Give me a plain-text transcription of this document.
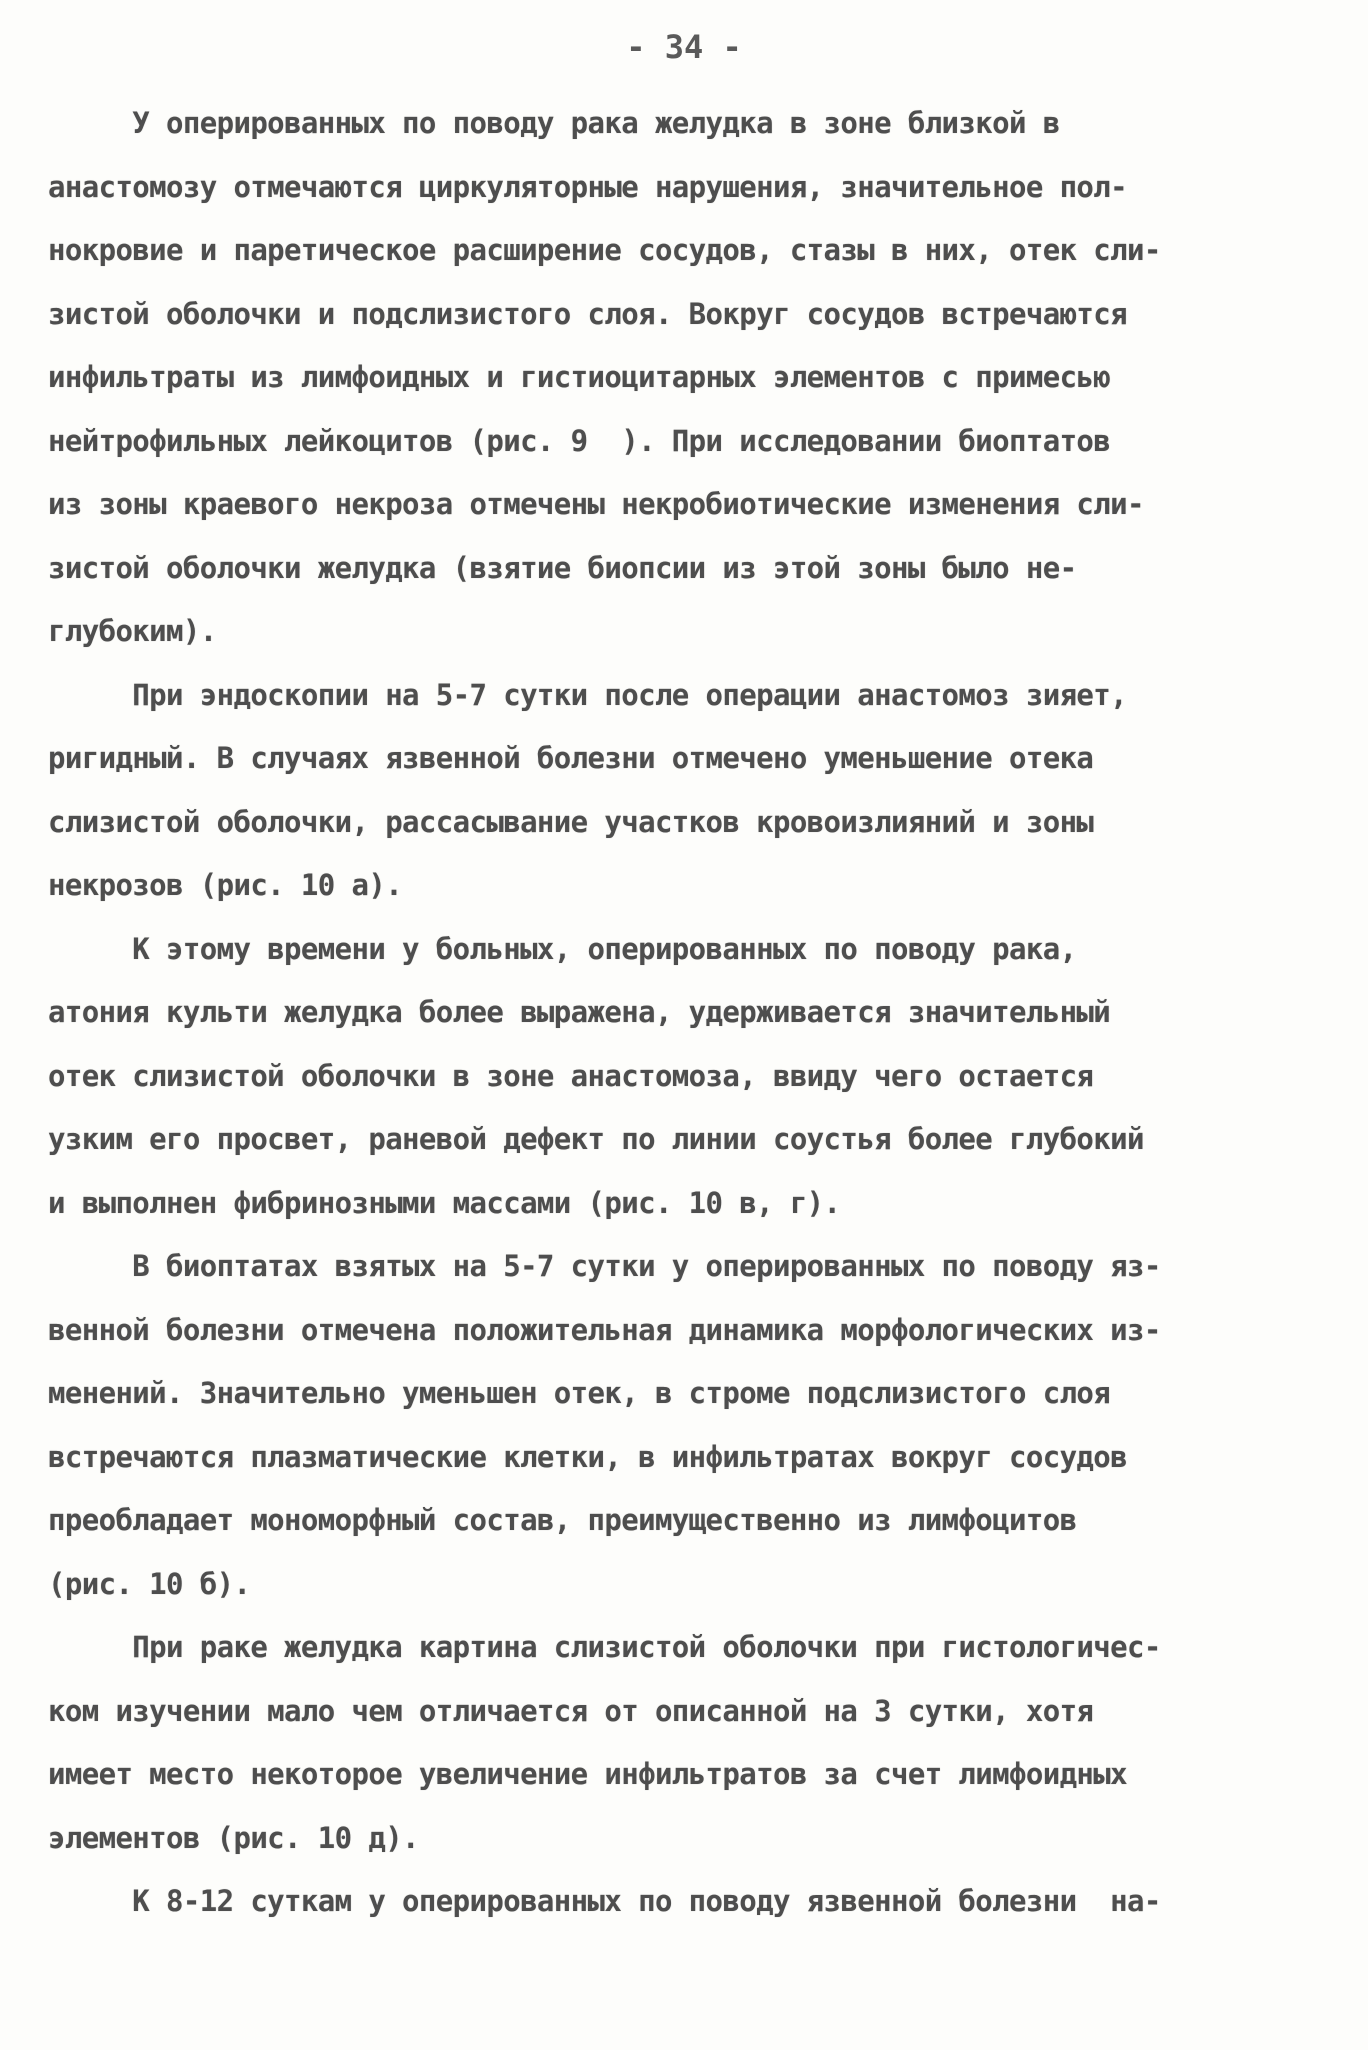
- 34 -
У оперированных по поводу рака желудка в зоне близкой в
анастомозу отмечаются циркуляторные нарушения, значительное пол-
нокровие и паретическое расширение сосудов, стазы в них, отек сли-
зистой оболочки и подслизистого слоя. Вокруг сосудов встречаются
инфильтраты из лимфоидных и гистиоцитарных элементов с примесью
нейтрофильных лейкоцитов (рис. 9  ). При исследовании биоптатов
из зоны краевого некроза отмечены некробиотические изменения сли-
зистой оболочки желудка (взятие биопсии из этой зоны было не-
глубоким).
При эндоскопии на 5-7 сутки после операции анастомоз зияет,
ригидный. В случаях язвенной болезни отмечено уменьшение отека
слизистой оболочки, рассасывание участков кровоизлияний и зоны
некрозов (рис. 10 а).
К этому времени у больных, оперированных по поводу рака,
атония культи желудка более выражена, удерживается значительный
отек слизистой оболочки в зоне анастомоза, ввиду чего остается
узким его просвет, раневой дефект по линии соустья более глубокий
и выполнен фибринозными массами (рис. 10 в, г).
В биоптатах взятых на 5-7 сутки у оперированных по поводу яз-
венной болезни отмечена положительная динамика морфологических из-
менений. Значительно уменьшен отек, в строме подслизистого слоя
встречаются плазматические клетки, в инфильтратах вокруг сосудов
преобладает мономорфный состав, преимущественно из лимфоцитов
(рис. 10 б).
При раке желудка картина слизистой оболочки при гистологичес-
ком изучении мало чем отличается от описанной на 3 сутки, хотя
имеет место некоторое увеличение инфильтратов за счет лимфоидных
элементов (рис. 10 д).
К 8-12 суткам у оперированных по поводу язвенной болезни  на-
